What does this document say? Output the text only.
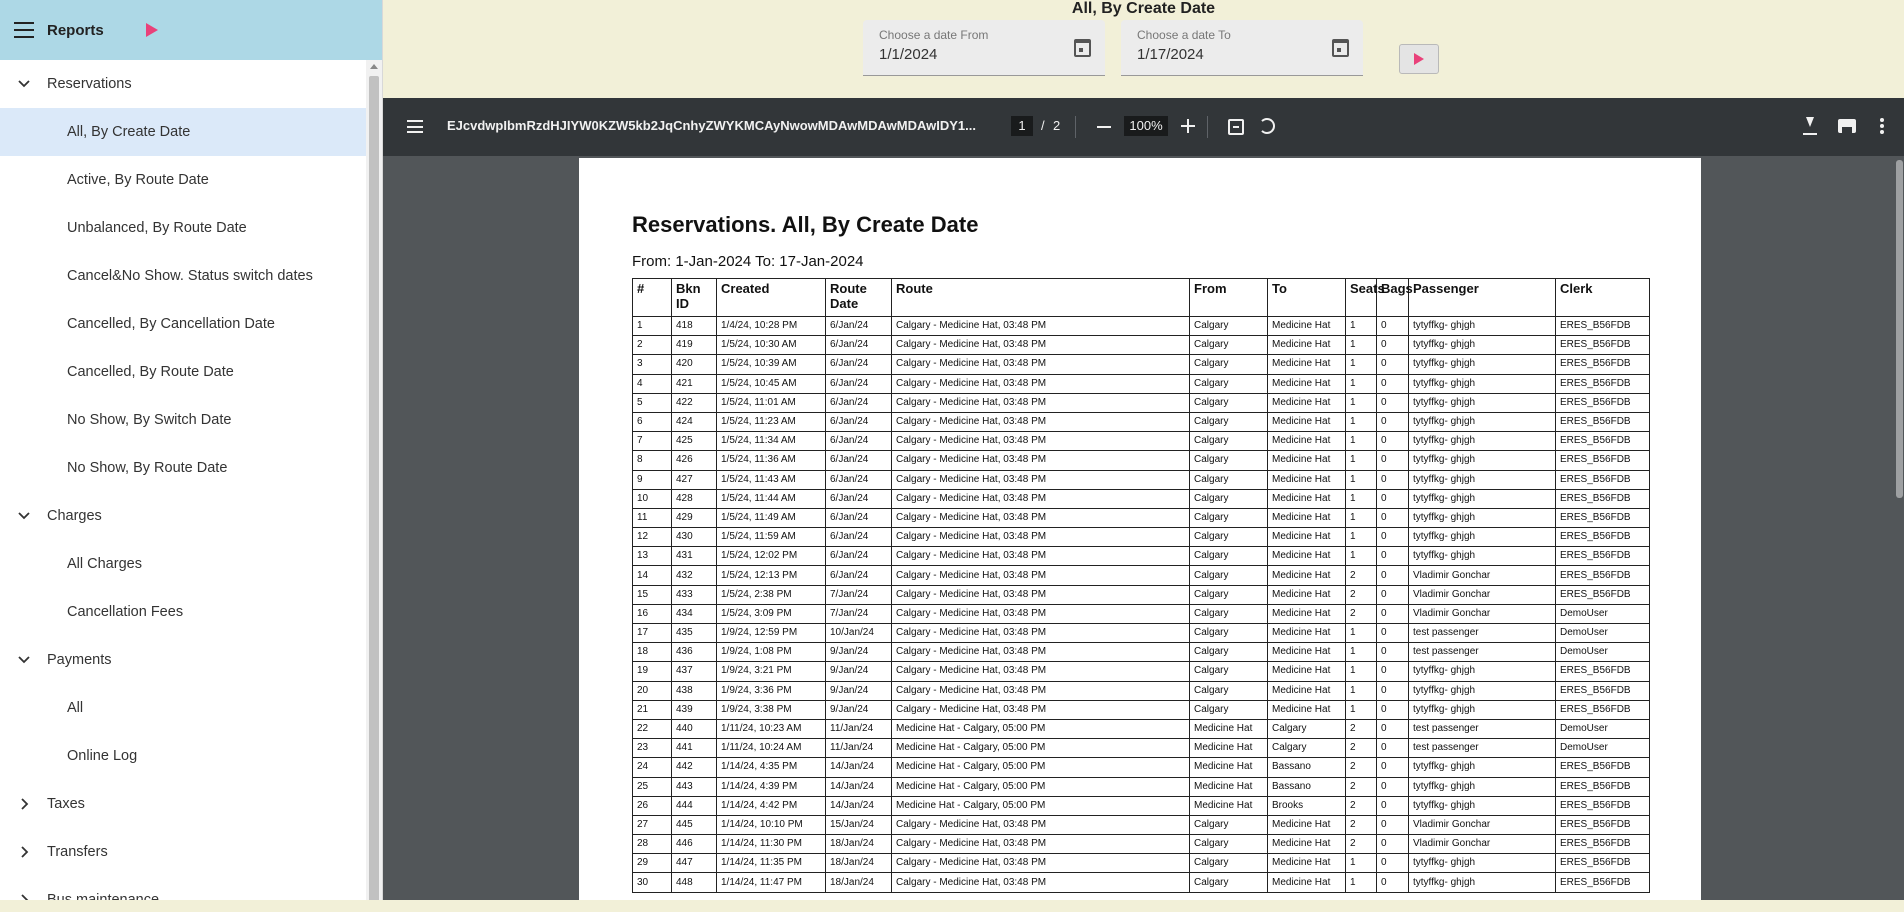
Reports
Reservations
All, By Create Date
Active, By Route Date
Unbalanced, By Route Date
Cancel&No Show. Status switch dates
Cancelled, By Cancellation Date
Cancelled, By Route Date
No Show, By Switch Date
No Show, By Route Date
Charges
All Charges
Cancellation Fees
Payments
All
Online Log
Taxes
Transfers
All, By Create Date
Choose a date From
1/1/2024
Choose a date To
1/17/2024
EJcvdwpIbmRzdHJIYW0KZW5kb2JqCnhyZWYKMCAyNwowMDAwMDAwMDAwIDY1...	1	/ 2	100%
Reservations. All, By Create Date
From: 1-Jan-2024 To: 17-Jan-2024
#	Bkn ID	Created	Route Date	Route	From	To	Seats	Bags	Passenger	Clerk
1	418	1/4/24, 10:28 PM	6/Jan/24	Calgary - Medicine Hat, 03:48 PM	Calgary	Medicine Hat	1	0	tytyffkg- ghjgh	ERES_B56FDB
2	419	1/5/24, 10:30 AM	6/Jan/24	Calgary - Medicine Hat, 03:48 PM	Calgary	Medicine Hat	1	0	tytyffkg- ghjgh	ERES_B56FDB
3	420	1/5/24, 10:39 AM	6/Jan/24	Calgary - Medicine Hat, 03:48 PM	Calgary	Medicine Hat	1	0	tytyffkg- ghjgh	ERES_B56FDB
4	421	1/5/24, 10:45 AM	6/Jan/24	Calgary - Medicine Hat, 03:48 PM	Calgary	Medicine Hat	1	0	tytyffkg- ghjgh	ERES_B56FDB
5	422	1/5/24, 11:01 AM	6/Jan/24	Calgary - Medicine Hat, 03:48 PM	Calgary	Medicine Hat	1	0	tytyffkg- ghjgh	ERES_B56FDB
6	424	1/5/24, 11:23 AM	6/Jan/24	Calgary - Medicine Hat, 03:48 PM	Calgary	Medicine Hat	1	0	tytyffkg- ghjgh	ERES_B56FDB
7	425	1/5/24, 11:34 AM	6/Jan/24	Calgary - Medicine Hat, 03:48 PM	Calgary	Medicine Hat	1	0	tytyffkg- ghjgh	ERES_B56FDB
8	426	1/5/24, 11:36 AM	6/Jan/24	Calgary - Medicine Hat, 03:48 PM	Calgary	Medicine Hat	1	0	tytyffkg- ghjgh	ERES_B56FDB
9	427	1/5/24, 11:43 AM	6/Jan/24	Calgary - Medicine Hat, 03:48 PM	Calgary	Medicine Hat	1	0	tytyffkg- ghjgh	ERES_B56FDB
10	428	1/5/24, 11:44 AM	6/Jan/24	Calgary - Medicine Hat, 03:48 PM	Calgary	Medicine Hat	1	0	tytyffkg- ghjgh	ERES_B56FDB
11	429	1/5/24, 11:49 AM	6/Jan/24	Calgary - Medicine Hat, 03:48 PM	Calgary	Medicine Hat	1	0	tytyffkg- ghjgh	ERES_B56FDB
12	430	1/5/24, 11:59 AM	6/Jan/24	Calgary - Medicine Hat, 03:48 PM	Calgary	Medicine Hat	1	0	tytyffkg- ghjgh	ERES_B56FDB
13	431	1/5/24, 12:02 PM	6/Jan/24	Calgary - Medicine Hat, 03:48 PM	Calgary	Medicine Hat	1	0	tytyffkg- ghjgh	ERES_B56FDB
14	432	1/5/24, 12:13 PM	6/Jan/24	Calgary - Medicine Hat, 03:48 PM	Calgary	Medicine Hat	2	0	Vladimir Gonchar	ERES_B56FDB
15	433	1/5/24, 2:38 PM	7/Jan/24	Calgary - Medicine Hat, 03:48 PM	Calgary	Medicine Hat	2	0	Vladimir Gonchar	ERES_B56FDB
16	434	1/5/24, 3:09 PM	7/Jan/24	Calgary - Medicine Hat, 03:48 PM	Calgary	Medicine Hat	2	0	Vladimir Gonchar	DemoUser
17	435	1/9/24, 12:59 PM	10/Jan/24	Calgary - Medicine Hat, 03:48 PM	Calgary	Medicine Hat	1	0	test passenger	DemoUser
18	436	1/9/24, 1:08 PM	9/Jan/24	Calgary - Medicine Hat, 03:48 PM	Calgary	Medicine Hat	1	0	test passenger	DemoUser
19	437	1/9/24, 3:21 PM	9/Jan/24	Calgary - Medicine Hat, 03:48 PM	Calgary	Medicine Hat	1	0	tytyffkg- ghjgh	ERES_B56FDB
20	438	1/9/24, 3:36 PM	9/Jan/24	Calgary - Medicine Hat, 03:48 PM	Calgary	Medicine Hat	1	0	tytyffkg- ghjgh	ERES_B56FDB
21	439	1/9/24, 3:38 PM	9/Jan/24	Calgary - Medicine Hat, 03:48 PM	Calgary	Medicine Hat	1	0	tytyffkg- ghjgh	ERES_B56FDB
22	440	1/11/24, 10:23 AM	11/Jan/24	Medicine Hat - Calgary, 05:00 PM	Medicine Hat	Calgary	2	0	test passenger	DemoUser
23	441	1/11/24, 10:24 AM	11/Jan/24	Medicine Hat - Calgary, 05:00 PM	Medicine Hat	Calgary	2	0	test passenger	DemoUser
24	442	1/14/24, 4:35 PM	14/Jan/24	Medicine Hat - Calgary, 05:00 PM	Medicine Hat	Bassano	2	0	tytyffkg- ghjgh	ERES_B56FDB
25	443	1/14/24, 4:39 PM	14/Jan/24	Medicine Hat - Calgary, 05:00 PM	Medicine Hat	Bassano	2	0	tytyffkg- ghjgh	ERES_B56FDB
26	444	1/14/24, 4:42 PM	14/Jan/24	Medicine Hat - Calgary, 05:00 PM	Medicine Hat	Brooks	2	0	tytyffkg- ghjgh	ERES_B56FDB
27	445	1/14/24, 10:10 PM	15/Jan/24	Calgary - Medicine Hat, 03:48 PM	Calgary	Medicine Hat	2	0	Vladimir Gonchar	ERES_B56FDB
28	446	1/14/24, 11:30 PM	18/Jan/24	Calgary - Medicine Hat, 03:48 PM	Calgary	Medicine Hat	2	0	Vladimir Gonchar	ERES_B56FDB
29	447	1/14/24, 11:35 PM	18/Jan/24	Calgary - Medicine Hat, 03:48 PM	Calgary	Medicine Hat	1	0	tytyffkg- ghjgh	ERES_B56FDB
30	448	1/14/24, 11:47 PM	18/Jan/24	Calgary - Medicine Hat, 03:48 PM	Calgary	Medicine Hat	1	0	tytyffkg- ghjgh	ERES_B56FDB
